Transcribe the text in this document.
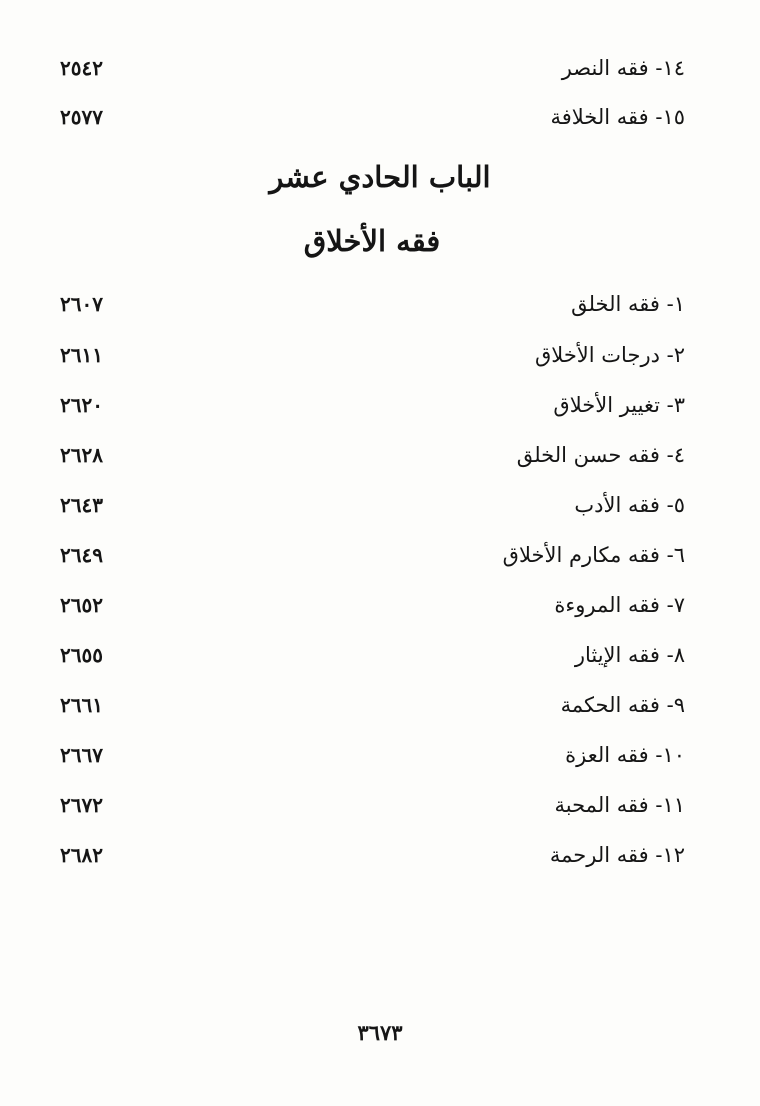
٢٥٤٢	١٤- فقه النصر
٢٥٧٧	١٥- فقه الخلافة
الباب الحادي عشر
فقه الأخلاق
٢٦٠٧	١- فقه الخلق
٢٦١١	٢- درجات الأخلاق
٢٦٢٠	٣- تغيير الأخلاق
٢٦٢٨	٤- فقه حسن الخلق
٢٦٤٣	٥- فقه الأدب
٢٦٤٩	٦- فقه مكارم الأخلاق
٢٦٥٢	٧- فقه المروءة
٢٦٥٥	٨- فقه الإيثار
٢٦٦١	٩- فقه الحكمة
٢٦٦٧	١٠- فقه العزة
٢٦٧٢	١١- فقه المحبة
٢٦٨٢	١٢- فقه الرحمة
٣٦٧٣
